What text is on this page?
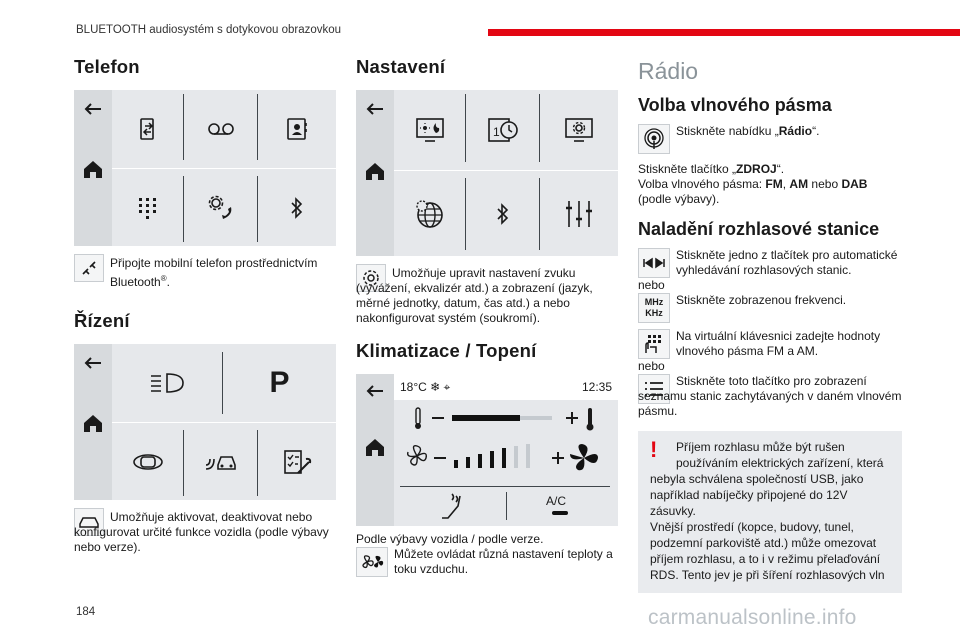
BLUETOOTH audiosystém s dotykovou obrazovkou
Telefon
Připojte mobilní telefon prostřednictvím Bluetooth®.
Řízení
P
Umožňuje aktivovat, deaktivovat nebo konfigurovat určité funkce vozidla (podle výbavy nebo verze).
Nastavení
1
Umožňuje upravit nastavení zvuku (vyvážení, ekvalizér atd.) a zobrazení (jazyk, měrné jednotky, datum, čas atd.) a nebo nakonfigurovat systém (soukromí).
Klimatizace / Topení
18°C ❄ ⌖	12:35
A/C
Podle výbavy vozidla / podle verze.
Můžete ovládat různá nastavení teploty a toku vzduchu.
Rádio
Volba vlnového pásma
Stiskněte nabídku „Rádio“.
Stiskněte tlačítko „ZDROJ“.
Volba vlnového pásma: FM, AM nebo DAB
(podle výbavy).
Naladění rozhlasové stanice
Stiskněte jedno z tlačítek pro automatické vyhledávání rozhlasových stanic.
nebo
MHz
KHz
Stiskněte zobrazenou frekvenci.
Na virtuální klávesnici zadejte hodnoty vlnového pásma FM a AM.
nebo
Stiskněte toto tlačítko pro zobrazení seznamu stanic zachytávaných v daném vlnovém pásmu.
!	Příjem rozhlasu může být rušen používáním elektrických zařízení, která nebyla schválena společností USB, jako například nabíječky připojené do 12V zásuvky.
Vnější prostředí (kopce, budovy, tunel, podzemní parkoviště atd.) může omezovat příjem rozhlasu, a to i v režimu přelaďování RDS. Tento jev je při šíření rozhlasových vln
184	carmanualsonline.info
